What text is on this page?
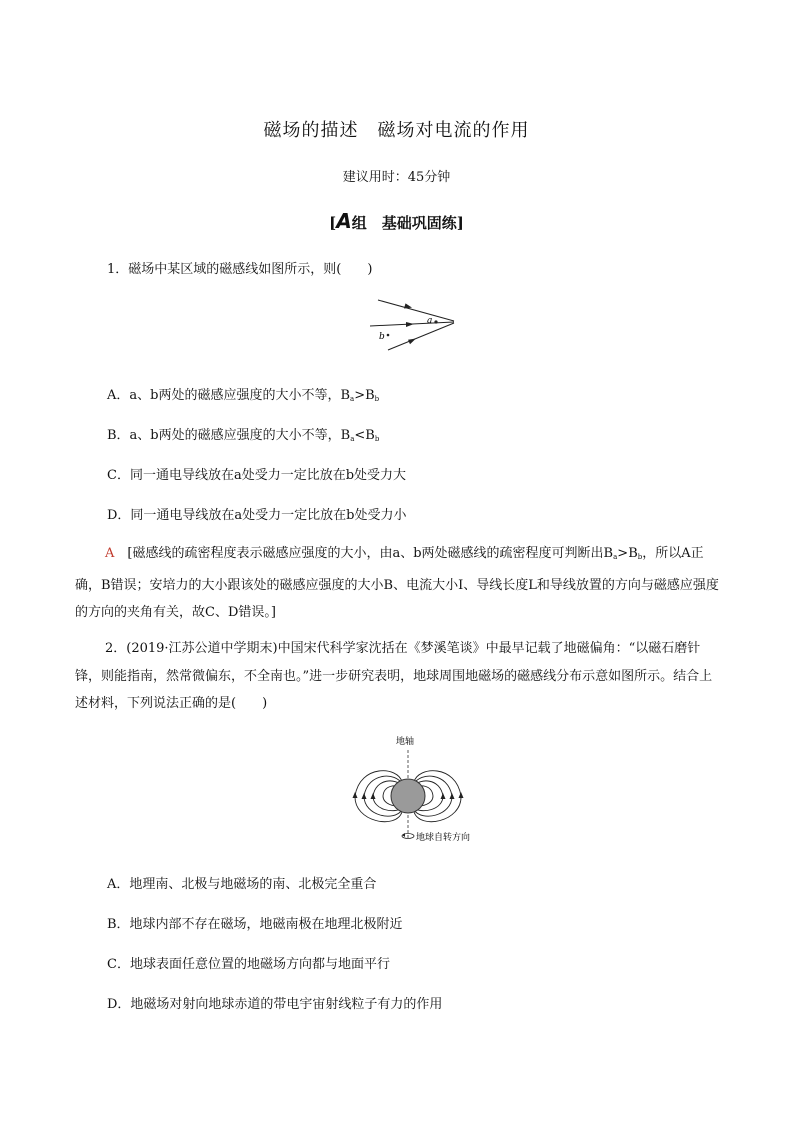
磁场的描述　磁场对电流的作用
建议用时：45分钟
[A组　基础巩固练]
1．磁场中某区域的磁感线如图所示，则(　　)
a
b
A．a、b两处的磁感应强度的大小不等，$B_a>B_b$
B．a、b两处的磁感应强度的大小不等，$B_a<B_b$
C．同一通电导线放在a处受力一定比放在b处受力大
D．同一通电导线放在a处受力一定比放在b处受力小
A　 [磁感线的疏密程度表示磁感应强度的大小，由a、b两处磁感线的疏密程度可判断出$B_a>B_b$，所以A正确，B错误；安培力的大小跟该处的磁感应强度的大小B、电流大小I、导线长度L和导线放置的方向与磁感应强度的方向的夹角有关，故C、D错误。]
2．(2019·江苏公道中学期末)中国宋代科学家沈括在《梦溪笔谈》中最早记载了地磁偏角：“以磁石磨针锋，则能指南，然常微偏东，不全南也。”进一步研究表明，地球周围地磁场的磁感线分布示意如图所示。结合上述材料，下列说法正确的是(　　)
地轴
地球自转方向
A．地理南、北极与地磁场的南、北极完全重合
B．地球内部不存在磁场，地磁南极在地理北极附近
C．地球表面任意位置的地磁场方向都与地面平行
D．地磁场对射向地球赤道的带电宇宙射线粒子有力的作用
